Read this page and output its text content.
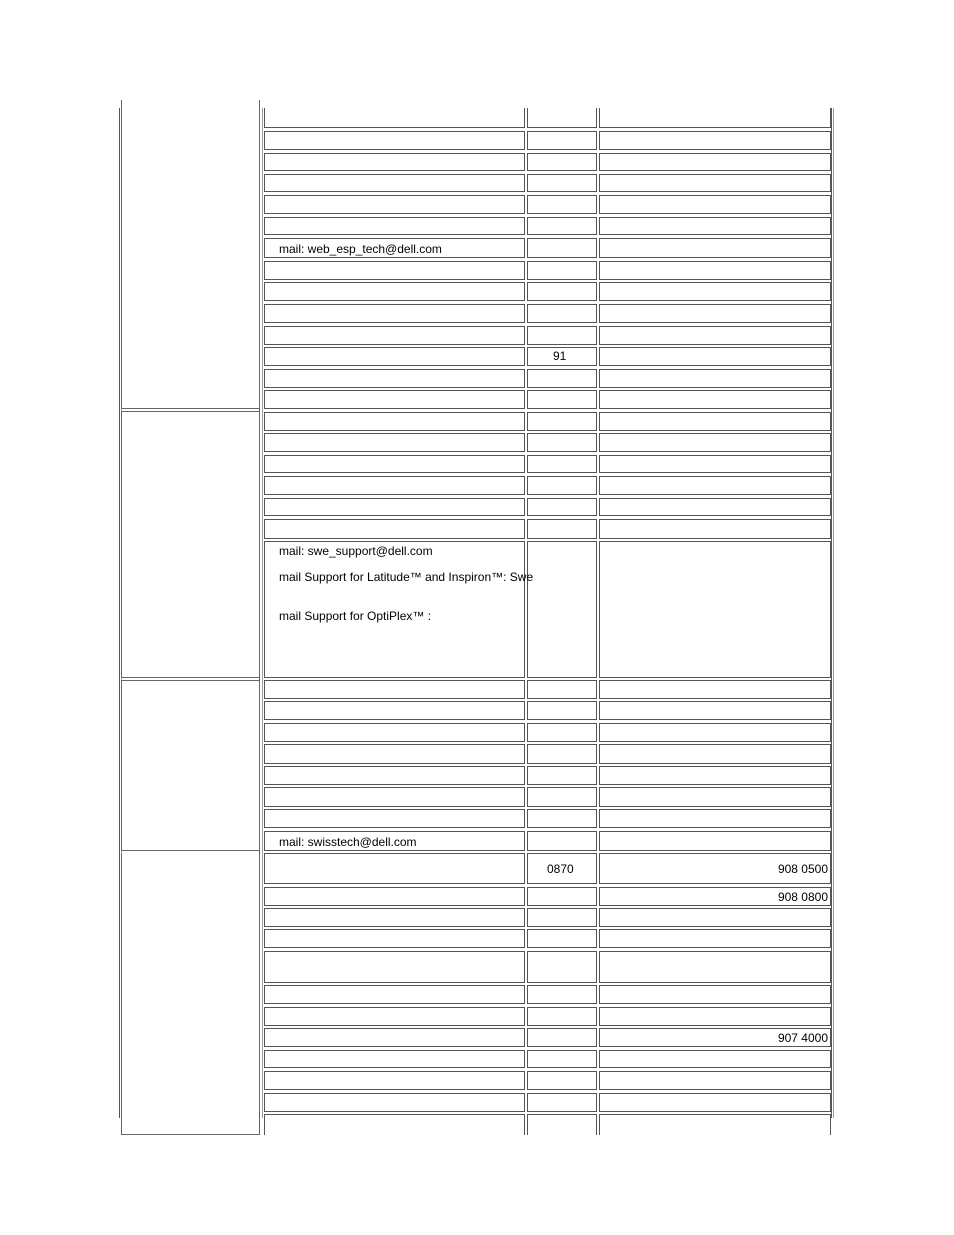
mail: web_esp_tech@dell.com
91
mail: swe_support@dell.com
mail Support for Latitude™ and Inspiron™: Swe
mail Support for OptiPlex™ :
mail: swisstech@dell.com
0870	908 0500
908 0800
907 4000
